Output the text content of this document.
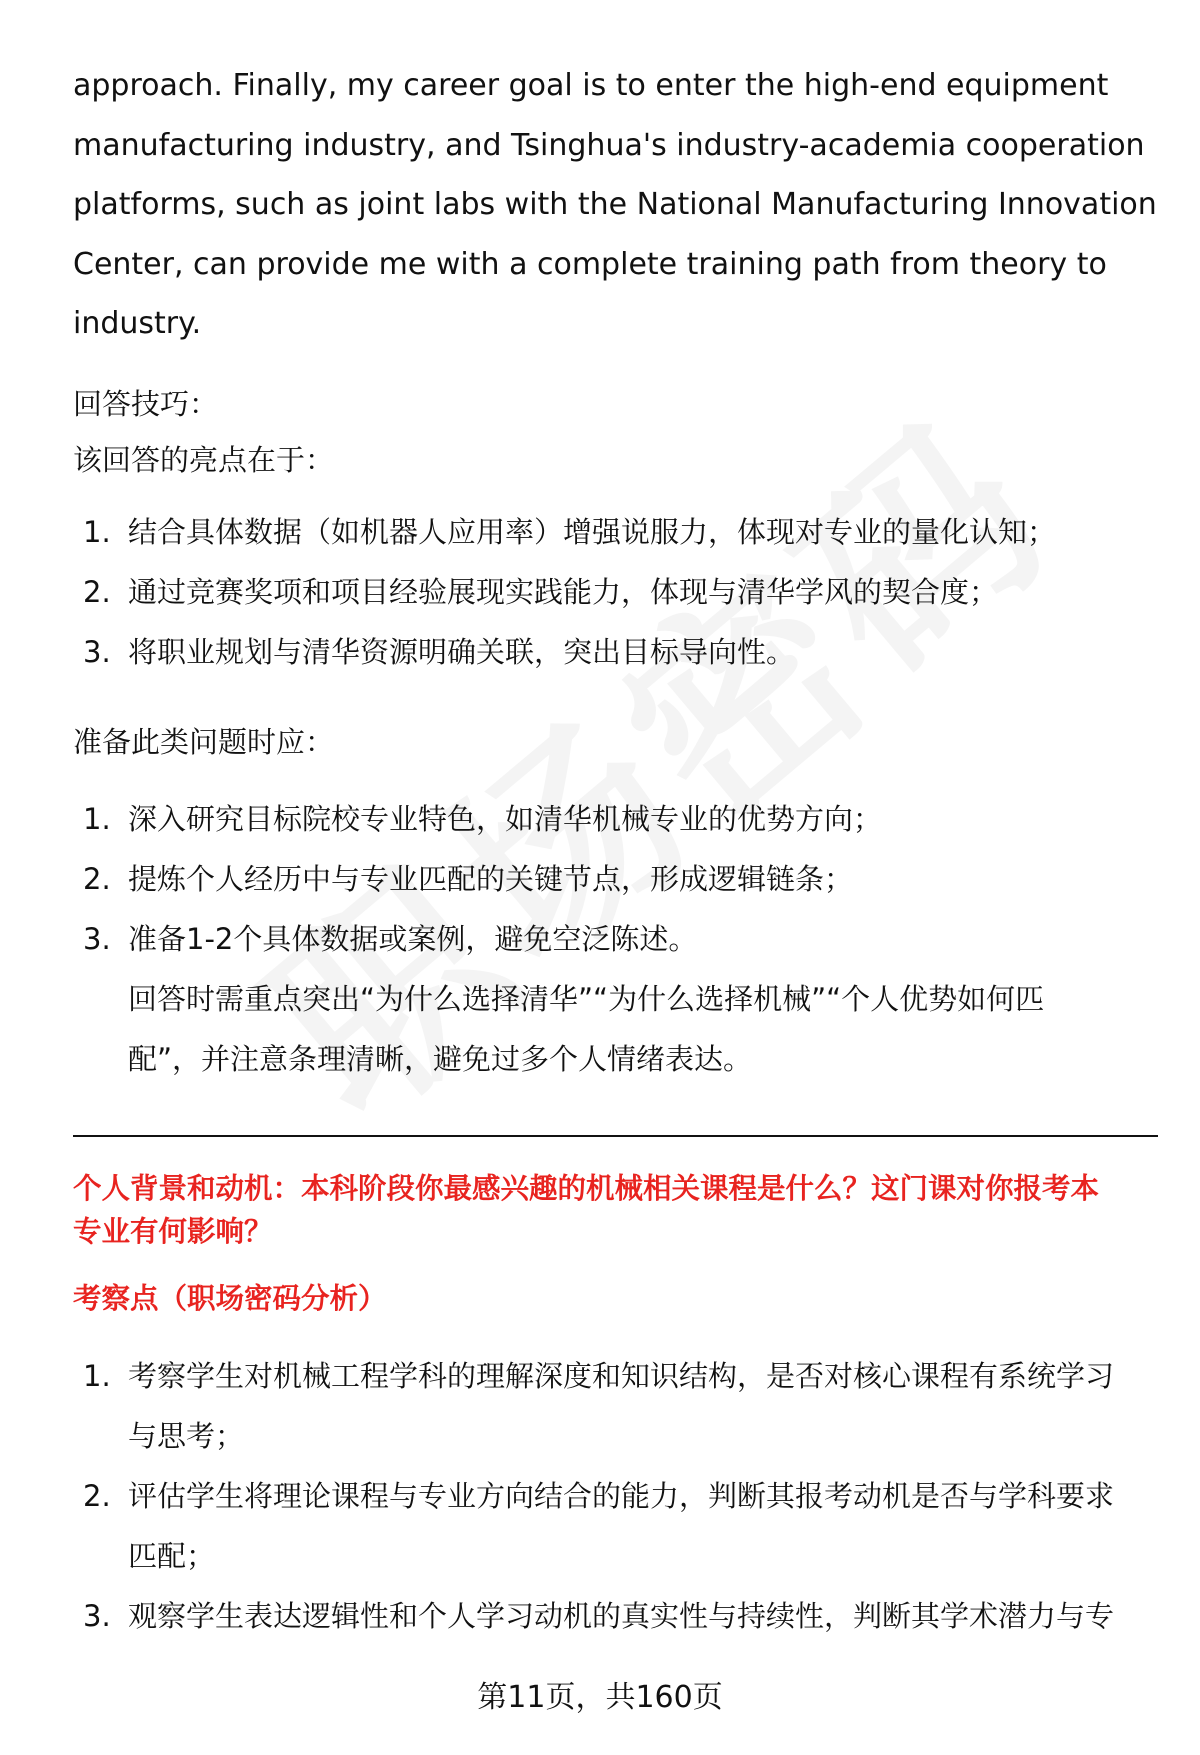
approach. Finally, my career goal is to enter the high-end equipment

manufacturing industry, and Tsinghua's industry-academia cooperation

platforms, such as joint labs with the National Manufacturing Innovation

Center, can provide me with a complete training path from theory to

industry.

回答技巧：

该回答的亮点在于：

1. 结合具体数据（如机器人应用率）增强说服力，体现对专业的量化认知；
2. 通过竞赛奖项和项目经验展现实践能力，体现与清华学风的契合度；
3. 将职业规划与清华资源明确关联，突出目标导向性。

准备此类问题时应：

1. 深入研究目标院校专业特色，如清华机械专业的优势方向；
2. 提炼个人经历中与专业匹配的关键节点，形成逻辑链条；
3. 准备1-2个具体数据或案例，避免空泛陈述。
回答时需重点突出“为什么选择清华”“为什么选择机械”“个人优势如何匹
配”，并注意条理清晰，避免过多个人情绪表达。
个人背景和动机：本科阶段你最感兴趣的机械相关课程是什么？这门课对你报考本
专业有何影响？

考察点（职场密码分析）

1. 考察学生对机械工程学科的理解深度和知识结构，是否对核心课程有系统学习
与思考；
2. 评估学生将理论课程与专业方向结合的能力，判断其报考动机是否与学科要求
匹配；
3. 观察学生表达逻辑性和个人学习动机的真实性与持续性，判断其学术潜力与专
第11页，共160页
